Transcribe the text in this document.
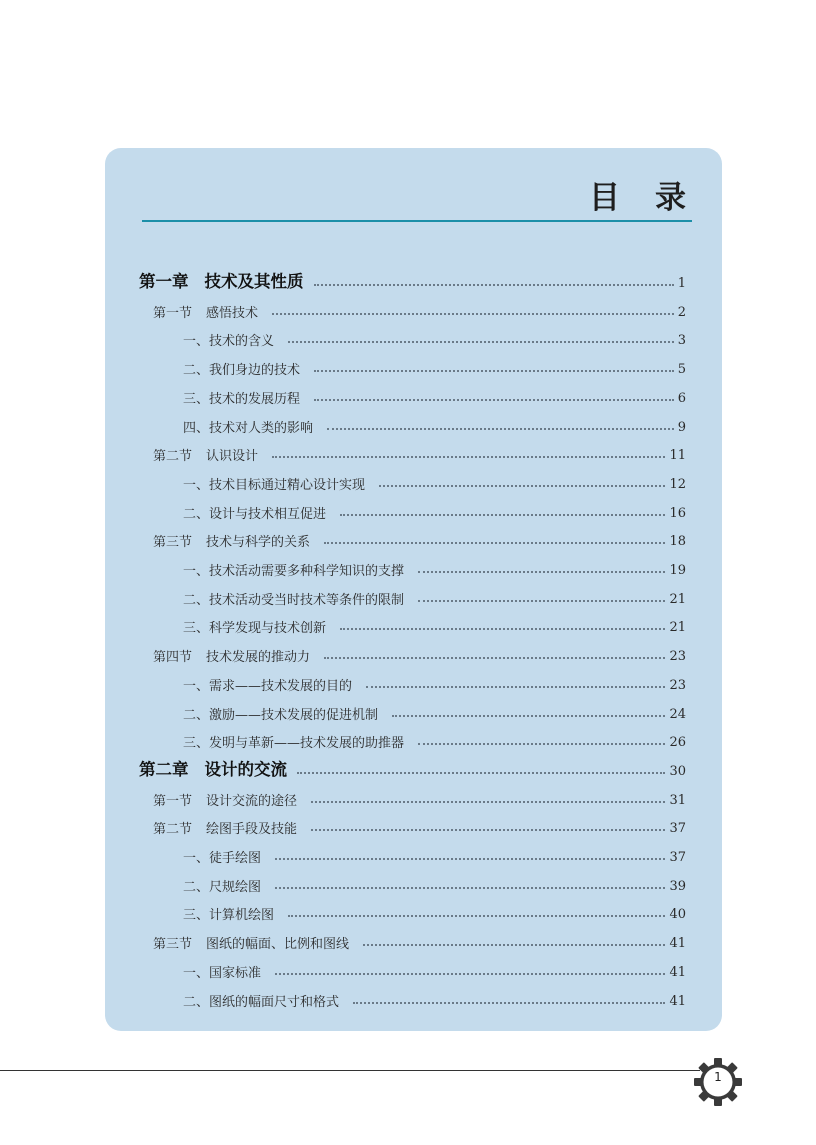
目　录
第一章 技术及其性质	1
第一节 感悟技术	2
一、技术的含义	3
二、我们身边的技术	5
三、技术的发展历程	6
四、技术对人类的影响	9
第二节 认识设计	11
一、技术目标通过精心设计实现	12
二、设计与技术相互促进	16
第三节 技术与科学的关系	18
一、技术活动需要多种科学知识的支撑	19
二、技术活动受当时技术等条件的限制	21
三、科学发现与技术创新	21
第四节 技术发展的推动力	23
一、需求——技术发展的目的	23
二、激励——技术发展的促进机制	24
三、发明与革新——技术发展的助推器	26
第二章 设计的交流	30
第一节 设计交流的途径	31
第二节 绘图手段及技能	37
一、徒手绘图	37
二、尺规绘图	39
三、计算机绘图	40
第三节 图纸的幅面、比例和图线	41
一、国家标准	41
二、图纸的幅面尺寸和格式	41
1
